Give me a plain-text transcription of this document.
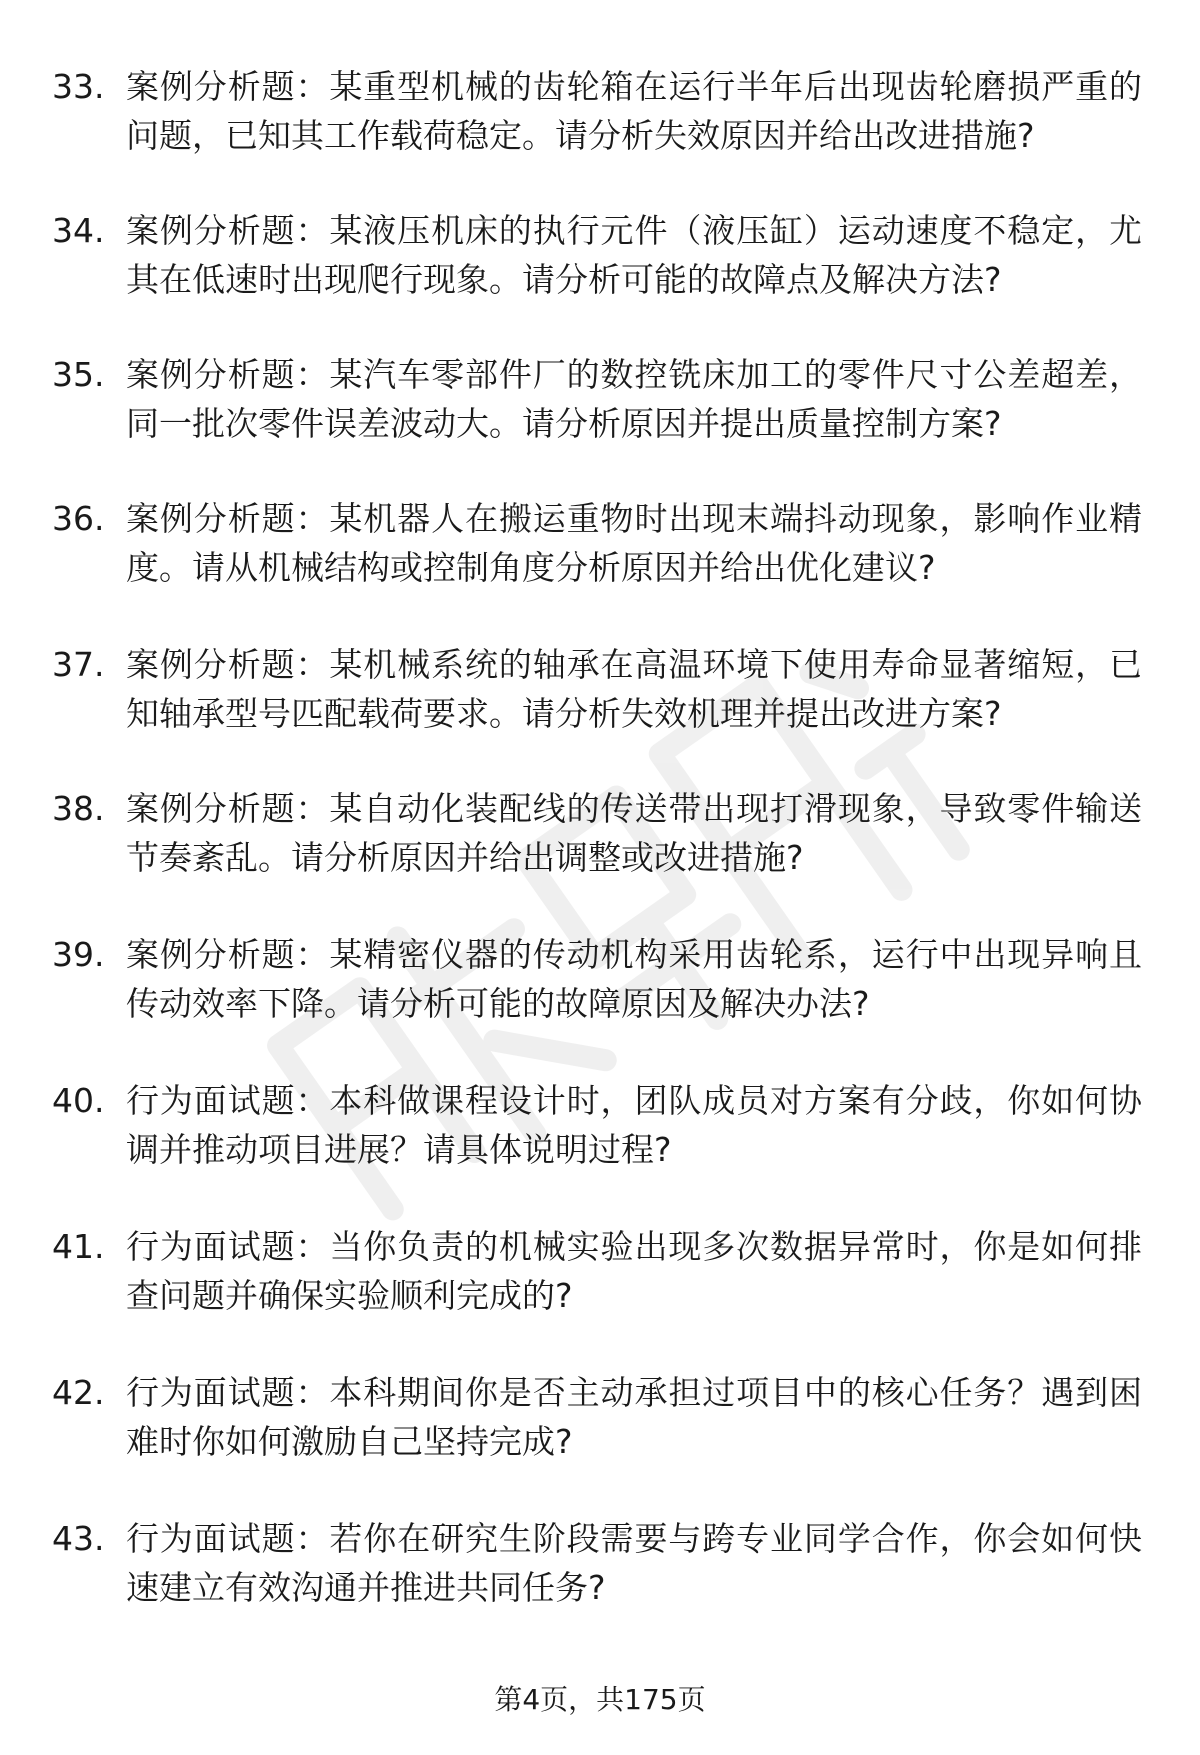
33. 案例分析题：某重型机械的齿轮箱在运行半年后出现齿轮磨损严重的问题，已知其工作载荷稳定。请分析失效原因并给出改进措施?
34. 案例分析题：某液压机床的执行元件（液压缸）运动速度不稳定，尤其在低速时出现爬行现象。请分析可能的故障点及解决方法?
35. 案例分析题：某汽车零部件厂的数控铣床加工的零件尺寸公差超差，同一批次零件误差波动大。请分析原因并提出质量控制方案?
36. 案例分析题：某机器人在搬运重物时出现末端抖动现象，影响作业精度。请从机械结构或控制角度分析原因并给出优化建议?
37. 案例分析题：某机械系统的轴承在高温环境下使用寿命显著缩短，已知轴承型号匹配载荷要求。请分析失效机理并提出改进方案?
38. 案例分析题：某自动化装配线的传送带出现打滑现象，导致零件输送节奏紊乱。请分析原因并给出调整或改进措施?
39. 案例分析题：某精密仪器的传动机构采用齿轮系，运行中出现异响且传动效率下降。请分析可能的故障原因及解决办法?
40. 行为面试题：本科做课程设计时，团队成员对方案有分歧，你如何协调并推动项目进展？请具体说明过程?
41. 行为面试题：当你负责的机械实验出现多次数据异常时，你是如何排查问题并确保实验顺利完成的?
42. 行为面试题：本科期间你是否主动承担过项目中的核心任务？遇到困难时你如何激励自己坚持完成?
43. 行为面试题：若你在研究生阶段需要与跨专业同学合作，你会如何快速建立有效沟通并推进共同任务?
第4页，共175页
